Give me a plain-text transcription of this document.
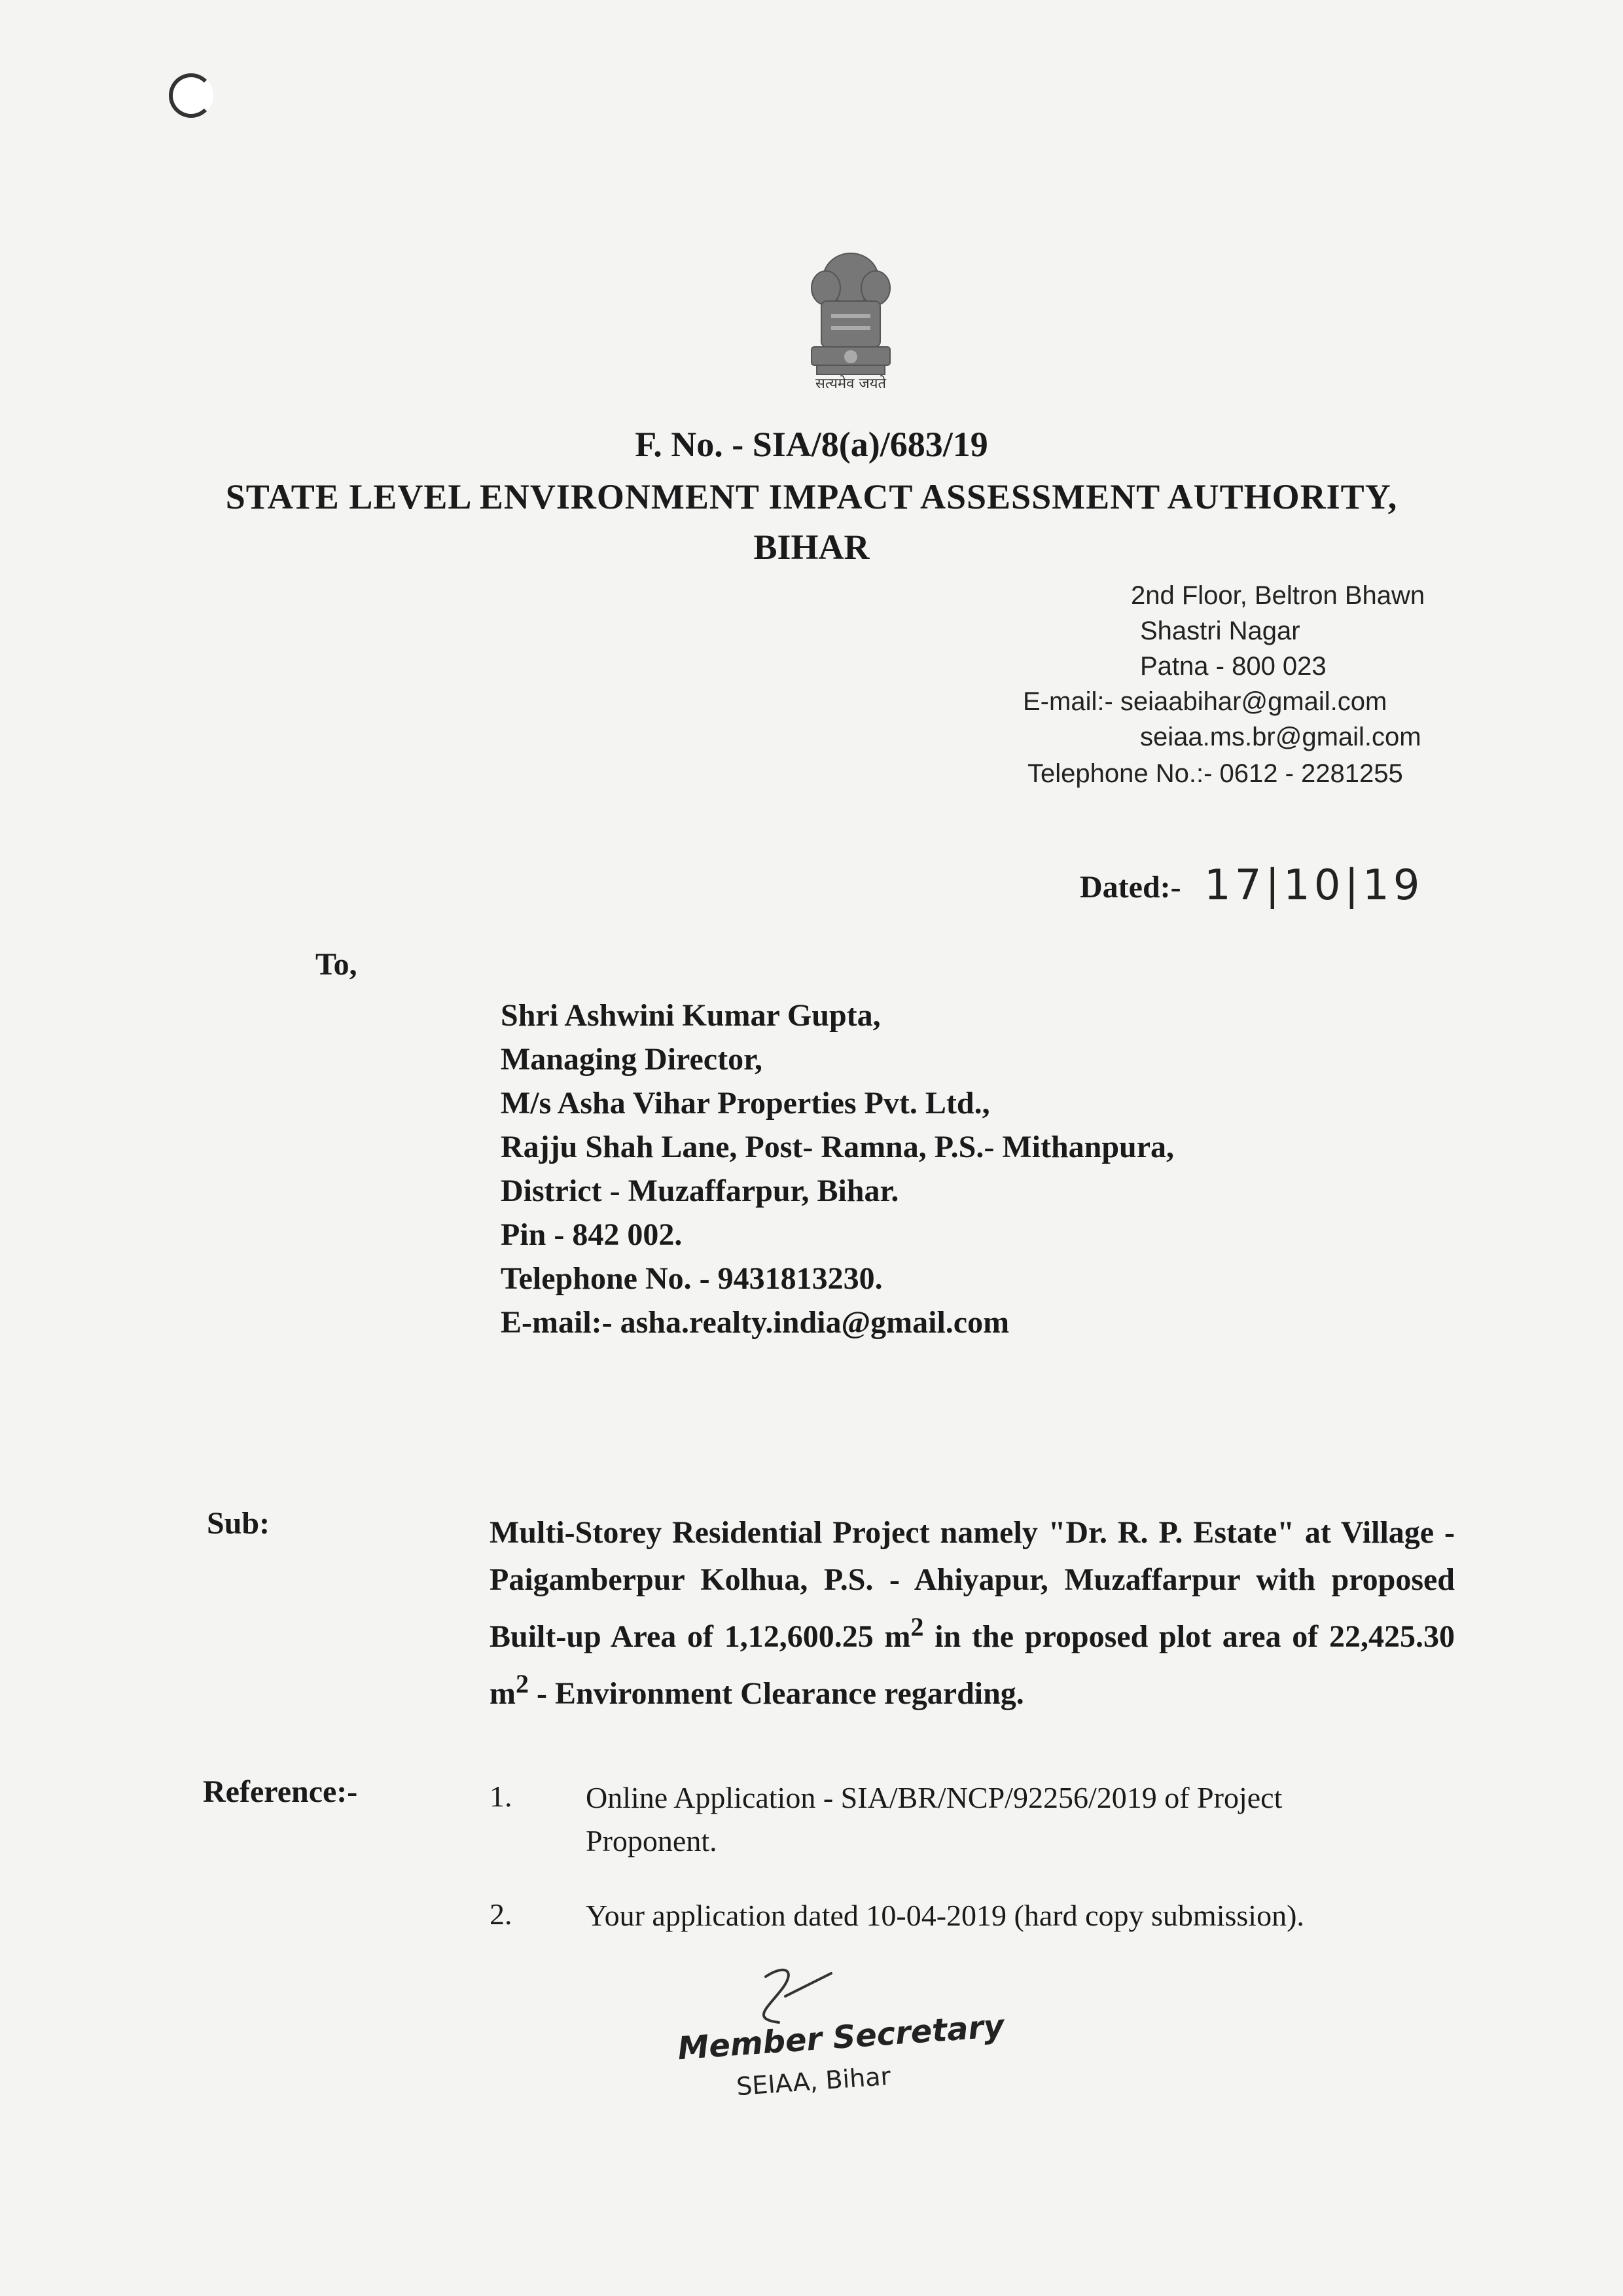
सत्यमेव जयते
F. No. - SIA/8(a)/683/19
STATE LEVEL ENVIRONMENT IMPACT ASSESSMENT AUTHORITY,
BIHAR
2nd Floor, Beltron Bhawn
Shastri Nagar
Patna - 800 023
E-mail:- seiaabihar@gmail.com
seiaa.ms.br@gmail.com
Telephone No.:- 0612 - 2281255
Dated:- 17|10|19
To,
Shri Ashwini Kumar Gupta,
Managing Director,
M/s Asha Vihar Properties Pvt. Ltd.,
Rajju Shah Lane, Post- Ramna, P.S.- Mithanpura,
District - Muzaffarpur, Bihar.
Pin - 842 002.
Telephone No. - 9431813230.
E-mail:- asha.realty.india@gmail.com
Sub:	Multi-Storey Residential Project namely "Dr. R. P. Estate" at Village - Paigamberpur Kolhua, P.S. - Ahiyapur, Muzaffarpur with proposed Built-up Area of 1,12,600.25 $m^2$ in the proposed plot area of 22,425.30 $m^2$ - Environment Clearance regarding.
Reference:-	1. Online Application - SIA/BR/NCP/92256/2019 of Project
Proponent.
2. Your application dated 10-04-2019 (hard copy submission).
Member Secretary
SEIAA, Bihar
